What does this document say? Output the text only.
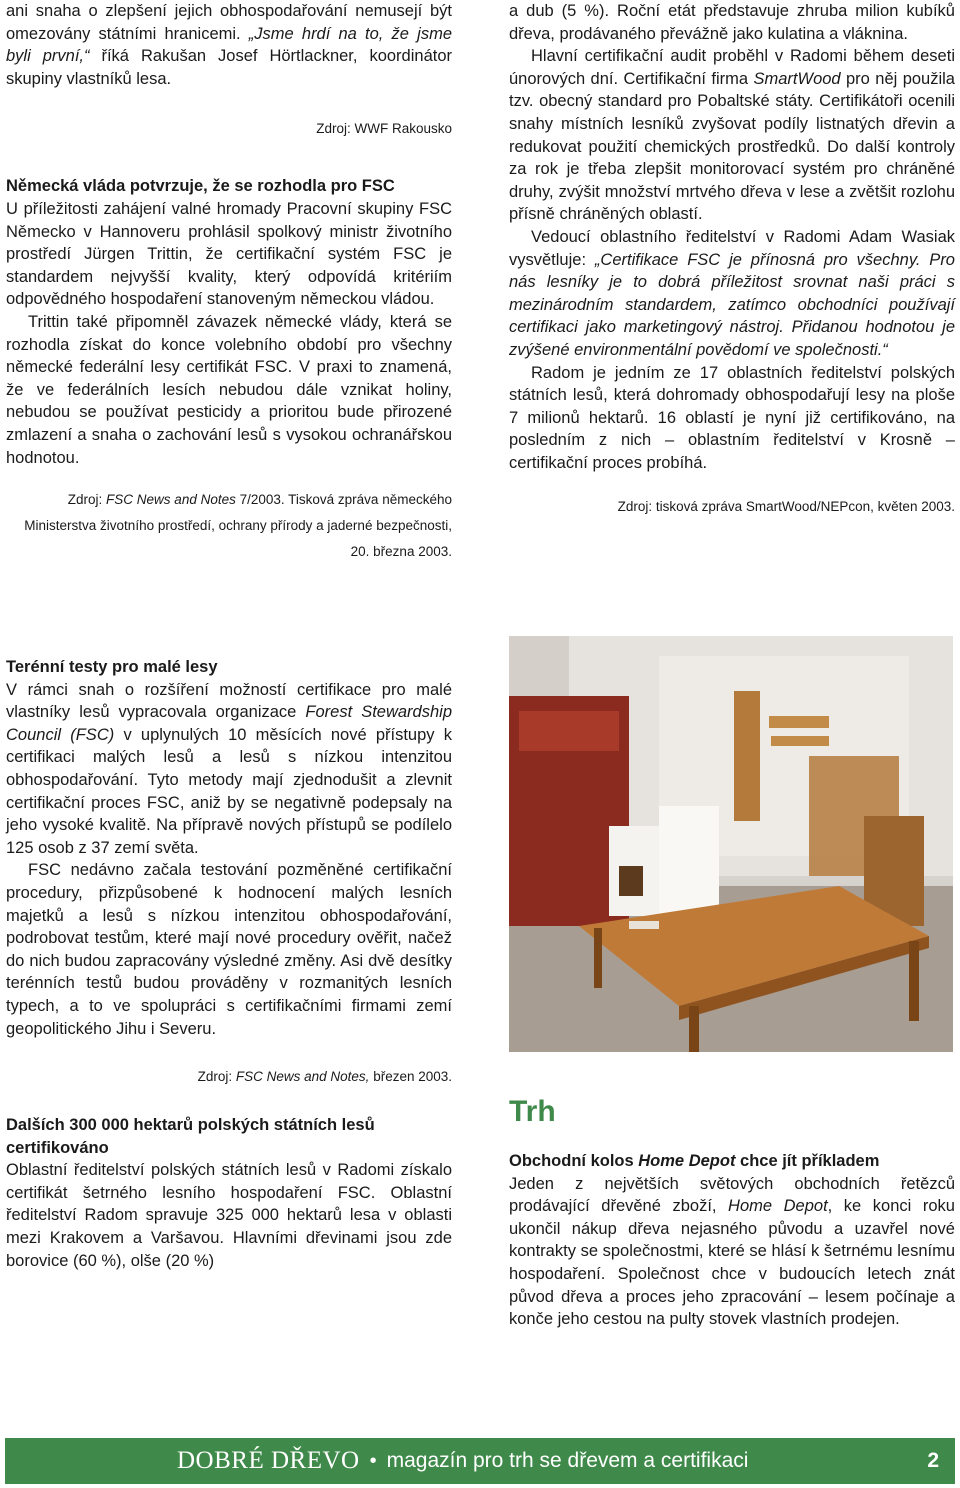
ani snaha o zlepšení jejich obhospodařování nemusejí být omezovány státními hranicemi. „Jsme hrdí na to, že jsme byli první,“ říká Rakušan Josef Hörtlackner, koordinátor skupiny vlastníků lesa.

Zdroj: WWF Rakousko

Německá vláda potvrzuje, že se rozhodla pro FSC

U příležitosti zahájení valné hromady Pracovní skupiny FSC Německo v Hannoveru prohlásil spolkový ministr životního prostředí Jürgen Trittin, že certifikační systém FSC je standardem nejvyšší kvality, který odpovídá kritériím odpovědného hospodaření stanoveným německou vládou.

Trittin také připomněl závazek německé vlády, která se rozhodla získat do konce volebního období pro všechny německé federální lesy certifikát FSC. V praxi to znamená, že ve federálních lesích nebudou dále vznikat holiny, nebudou se používat pesticidy a prioritou bude přirozené zmlazení a snaha o zachování lesů s vysokou ochranářskou hodnotou.

Zdroj: FSC News and Notes 7/2003. Tisková zpráva německého Ministerstva životního prostředí, ochrany přírody a jaderné bezpečnosti, 20. března 2003.

a dub (5 %). Roční etát představuje zhruba milion kubíků dřeva, prodávaného převážně jako kulatina a vláknina.

Hlavní certifikační audit proběhl v Radomi během deseti únorových dní. Certifikační firma SmartWood pro něj použila tzv. obecný standard pro Pobaltské státy. Certifikátoři ocenili snahy místních lesníků zvyšovat podíly listnatých dřevin a redukovat použití chemických prostředků. Do další kontroly za rok je třeba zlepšit monitorovací systém pro chráněné druhy, zvýšit množství mrtvého dřeva v lese a zvětšit rozlohu přísně chráněných oblastí.

Vedoucí oblastního ředitelství v Radomi Adam Wasiak vysvětluje: „Certifikace FSC je přínosná pro všechny. Pro nás lesníky je to dobrá příležitost srovnat naši práci s mezinárodním standardem, zatímco obchodníci používají certifikaci jako marketingový nástroj. Přidanou hodnotou je zvýšené environmentální povědomí ve společnosti.“

Radom je jedním ze 17 oblastních ředitelství polských státních lesů, která dohromady obhospodařují lesy na ploše 7 milionů hektarů. 16 oblastí je nyní již certifikováno, na posledním z nich – oblastním ředitelství v Krosně – certifikační proces probíhá.

Zdroj: tisková zpráva SmartWood/NEPcon, květen 2003.

Terénní testy pro malé lesy

V rámci snah o rozšíření možností certifikace pro malé vlastníky lesů vypracovala organizace Forest Stewardship Council (FSC) v uplynulých 10 měsících nové přístupy k certifikaci malých lesů a lesů s nízkou intenzitou obhospodařování. Tyto metody mají zjednodušit a zlevnit certifikační proces FSC, aniž by se negativně podepsaly na jeho vysoké kvalitě. Na přípravě nových přístupů se podílelo 125 osob z 37 zemí světa.

FSC nedávno začala testování pozměněné certifikační procedury, přizpůsobené k hodnocení malých lesních majetků a lesů s nízkou intenzitou obhospodařování, podrobovat testům, které mají nové procedury ověřit, načež do nich budou zapracovány výsledné změny. Asi dvě desítky terénních testů budou prováděny v rozmanitých lesních typech, a to ve spolupráci s certifikačními firmami zemí geopolitického Jihu i Severu.

Zdroj: FSC News and Notes, březen 2003.

Dalších 300 000 hektarů polských státních lesů certifikováno

Oblastní ředitelství polských státních lesů v Radomi získalo certifikát šetrného lesního hospodaření FSC. Oblastní ředitelství Radom spravuje 325 000 hektarů lesa v oblasti mezi Krakovem a Varšavou. Hlavními dřevinami jsou zde borovice (60 %), olše (20 %)

Trh

Obchodní kolos Home Depot chce jít příkladem

Jeden z největších světových obchodních řetězců prodávající dřevěné zboží, Home Depot, ke konci roku ukončil nákup dřeva nejasného původu a uzavřel nové kontrakty se společnostmi, které se hlásí k šetrnému lesnímu hospodaření. Společnost chce v budoucích letech znát původ dřeva a proces jeho zpracování – lesem počínaje a konče jeho cestou na pulty stovek vlastních prodejen.

DOBRÉ DŘEVO • magazín pro trh se dřevem a certifikaci	2
